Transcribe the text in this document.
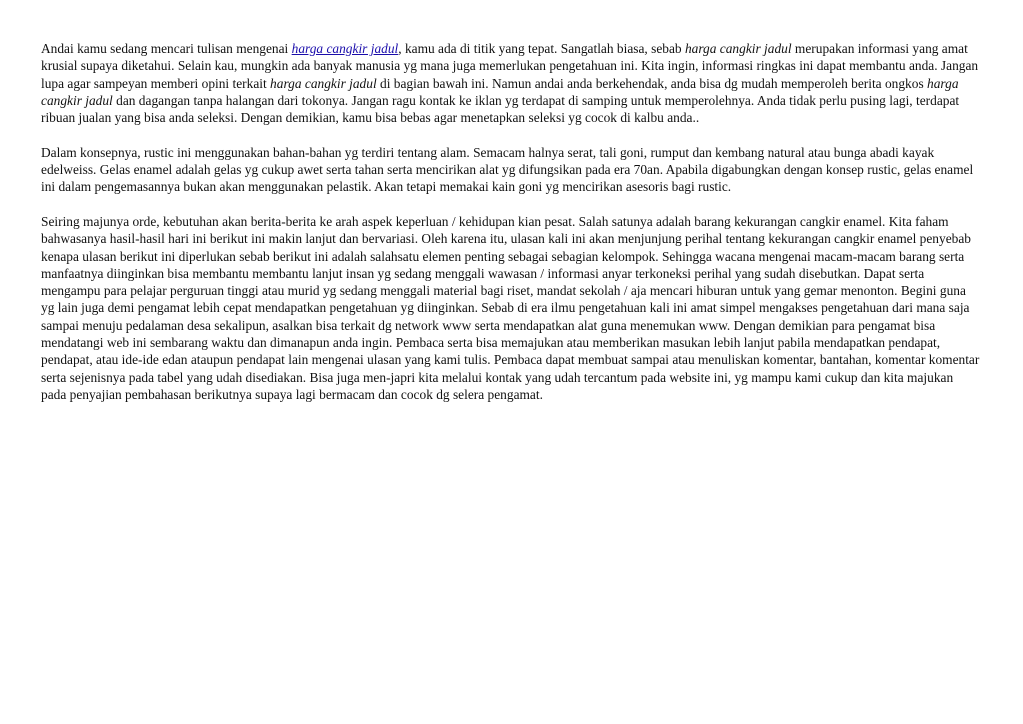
Andai kamu sedang mencari tulisan mengenai harga cangkir jadul, kamu ada di titik yang tepat. Sangatlah biasa, sebab harga cangkir jadul merupakan informasi yang amat krusial supaya diketahui. Selain kau, mungkin ada banyak manusia yg mana juga memerlukan pengetahuan ini. Kita ingin, informasi ringkas ini dapat membantu anda. Jangan lupa agar sampeyan memberi opini terkait harga cangkir jadul di bagian bawah ini. Namun andai anda berkehendak, anda bisa dg mudah memperoleh berita ongkos harga cangkir jadul dan dagangan tanpa halangan dari tokonya. Jangan ragu kontak ke iklan yg terdapat di samping untuk memperolehnya. Anda tidak perlu pusing lagi, terdapat ribuan jualan yang bisa anda seleksi. Dengan demikian, kamu bisa bebas agar menetapkan seleksi yg cocok di kalbu anda..

Dalam konsepnya, rustic ini menggunakan bahan-bahan yg terdiri tentang alam. Semacam halnya serat, tali goni, rumput dan kembang natural atau bunga abadi kayak edelweiss. Gelas enamel adalah gelas yg cukup awet serta tahan serta mencirikan alat yg difungsikan pada era 70an. Apabila digabungkan dengan konsep rustic, gelas enamel ini dalam pengemasannya bukan akan menggunakan pelastik. Akan tetapi memakai kain goni yg mencirikan asesoris bagi rustic.

Seiring majunya orde, kebutuhan akan berita-berita ke arah aspek keperluan / kehidupan kian pesat. Salah satunya adalah barang kekurangan cangkir enamel. Kita faham bahwasanya hasil-hasil hari ini berikut ini makin lanjut dan bervariasi. Oleh karena itu, ulasan kali ini akan menjunjung perihal tentang kekurangan cangkir enamel penyebab kenapa ulasan berikut ini diperlukan sebab berikut ini adalah salahsatu elemen penting sebagai sebagian kelompok. Sehingga wacana mengenai macam-macam barang serta manfaatnya diinginkan bisa membantu membantu lanjut insan yg sedang menggali wawasan / informasi anyar terkoneksi perihal yang sudah disebutkan. Dapat serta mengampu para pelajar perguruan tinggi atau murid yg sedang menggali material bagi riset, mandat sekolah / aja mencari hiburan untuk yang gemar menonton. Begini guna yg lain juga demi pengamat lebih cepat mendapatkan pengetahuan yg diinginkan. Sebab di era ilmu pengetahuan kali ini amat simpel mengakses pengetahuan dari mana saja sampai menuju pedalaman desa sekalipun, asalkan bisa terkait dg network www serta mendapatkan alat guna menemukan www. Dengan demikian para pengamat bisa mendatangi web ini sembarang waktu dan dimanapun anda ingin. Pembaca serta bisa memajukan atau memberikan masukan lebih lanjut pabila mendapatkan pendapat, pendapat, atau ide-ide edan ataupun pendapat lain mengenai ulasan yang kami tulis. Pembaca dapat membuat sampai atau menuliskan komentar, bantahan, komentar komentar serta sejenisnya pada tabel yang udah disediakan. Bisa juga men-japri kita melalui kontak yang udah tercantum pada website ini, yg mampu kami cukup dan kita majukan pada penyajian pembahasan berikutnya supaya lagi bermacam dan cocok dg selera pengamat.
